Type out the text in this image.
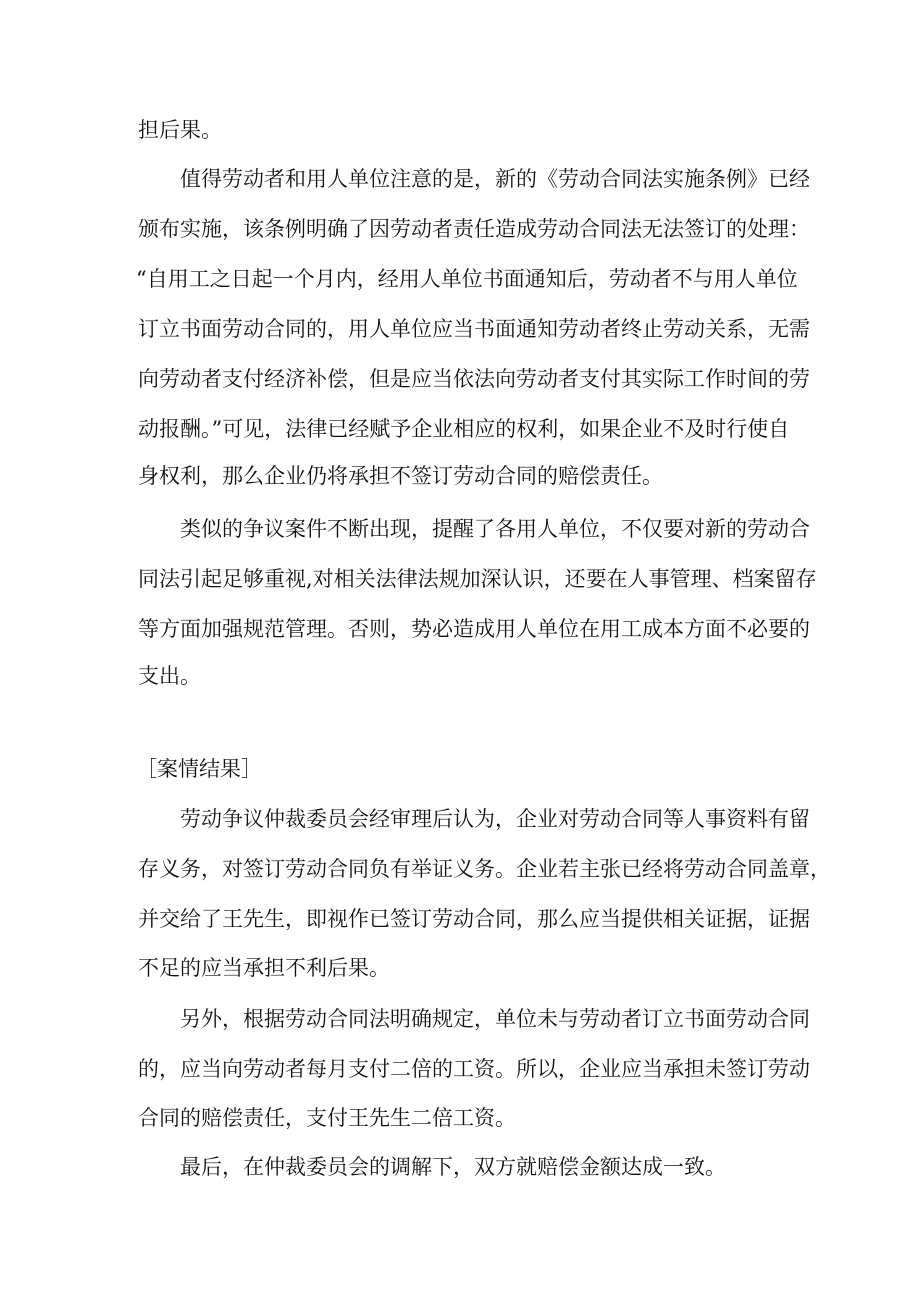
担后果。
值得劳动者和用人单位注意的是，新的《劳动合同法实施条例》已经
颁布实施，该条例明确了因劳动者责任造成劳动合同法无法签订的处理：
“自用工之日起一个月内，经用人单位书面通知后，劳动者不与用人单位
订立书面劳动合同的，用人单位应当书面通知劳动者终止劳动关系，无需
向劳动者支付经济补偿，但是应当依法向劳动者支付其实际工作时间的劳
动报酬。”可见，法律已经赋予企业相应的权利，如果企业不及时行使自
身权利，那么企业仍将承担不签订劳动合同的赔偿责任。
类似的争议案件不断出现，提醒了各用人单位，不仅要对新的劳动合
同法引起足够重视,对相关法律法规加深认识，还要在人事管理、档案留存
等方面加强规范管理。否则，势必造成用人单位在用工成本方面不必要的
支出。
［案情结果］
劳动争议仲裁委员会经审理后认为，企业对劳动合同等人事资料有留
存义务，对签订劳动合同负有举证义务。企业若主张已经将劳动合同盖章，
并交给了王先生，即视作已签订劳动合同，那么应当提供相关证据，证据
不足的应当承担不利后果。
另外，根据劳动合同法明确规定，单位未与劳动者订立书面劳动合同
的，应当向劳动者每月支付二倍的工资。所以，企业应当承担未签订劳动
合同的赔偿责任，支付王先生二倍工资。
最后，在仲裁委员会的调解下，双方就赔偿金额达成一致。
